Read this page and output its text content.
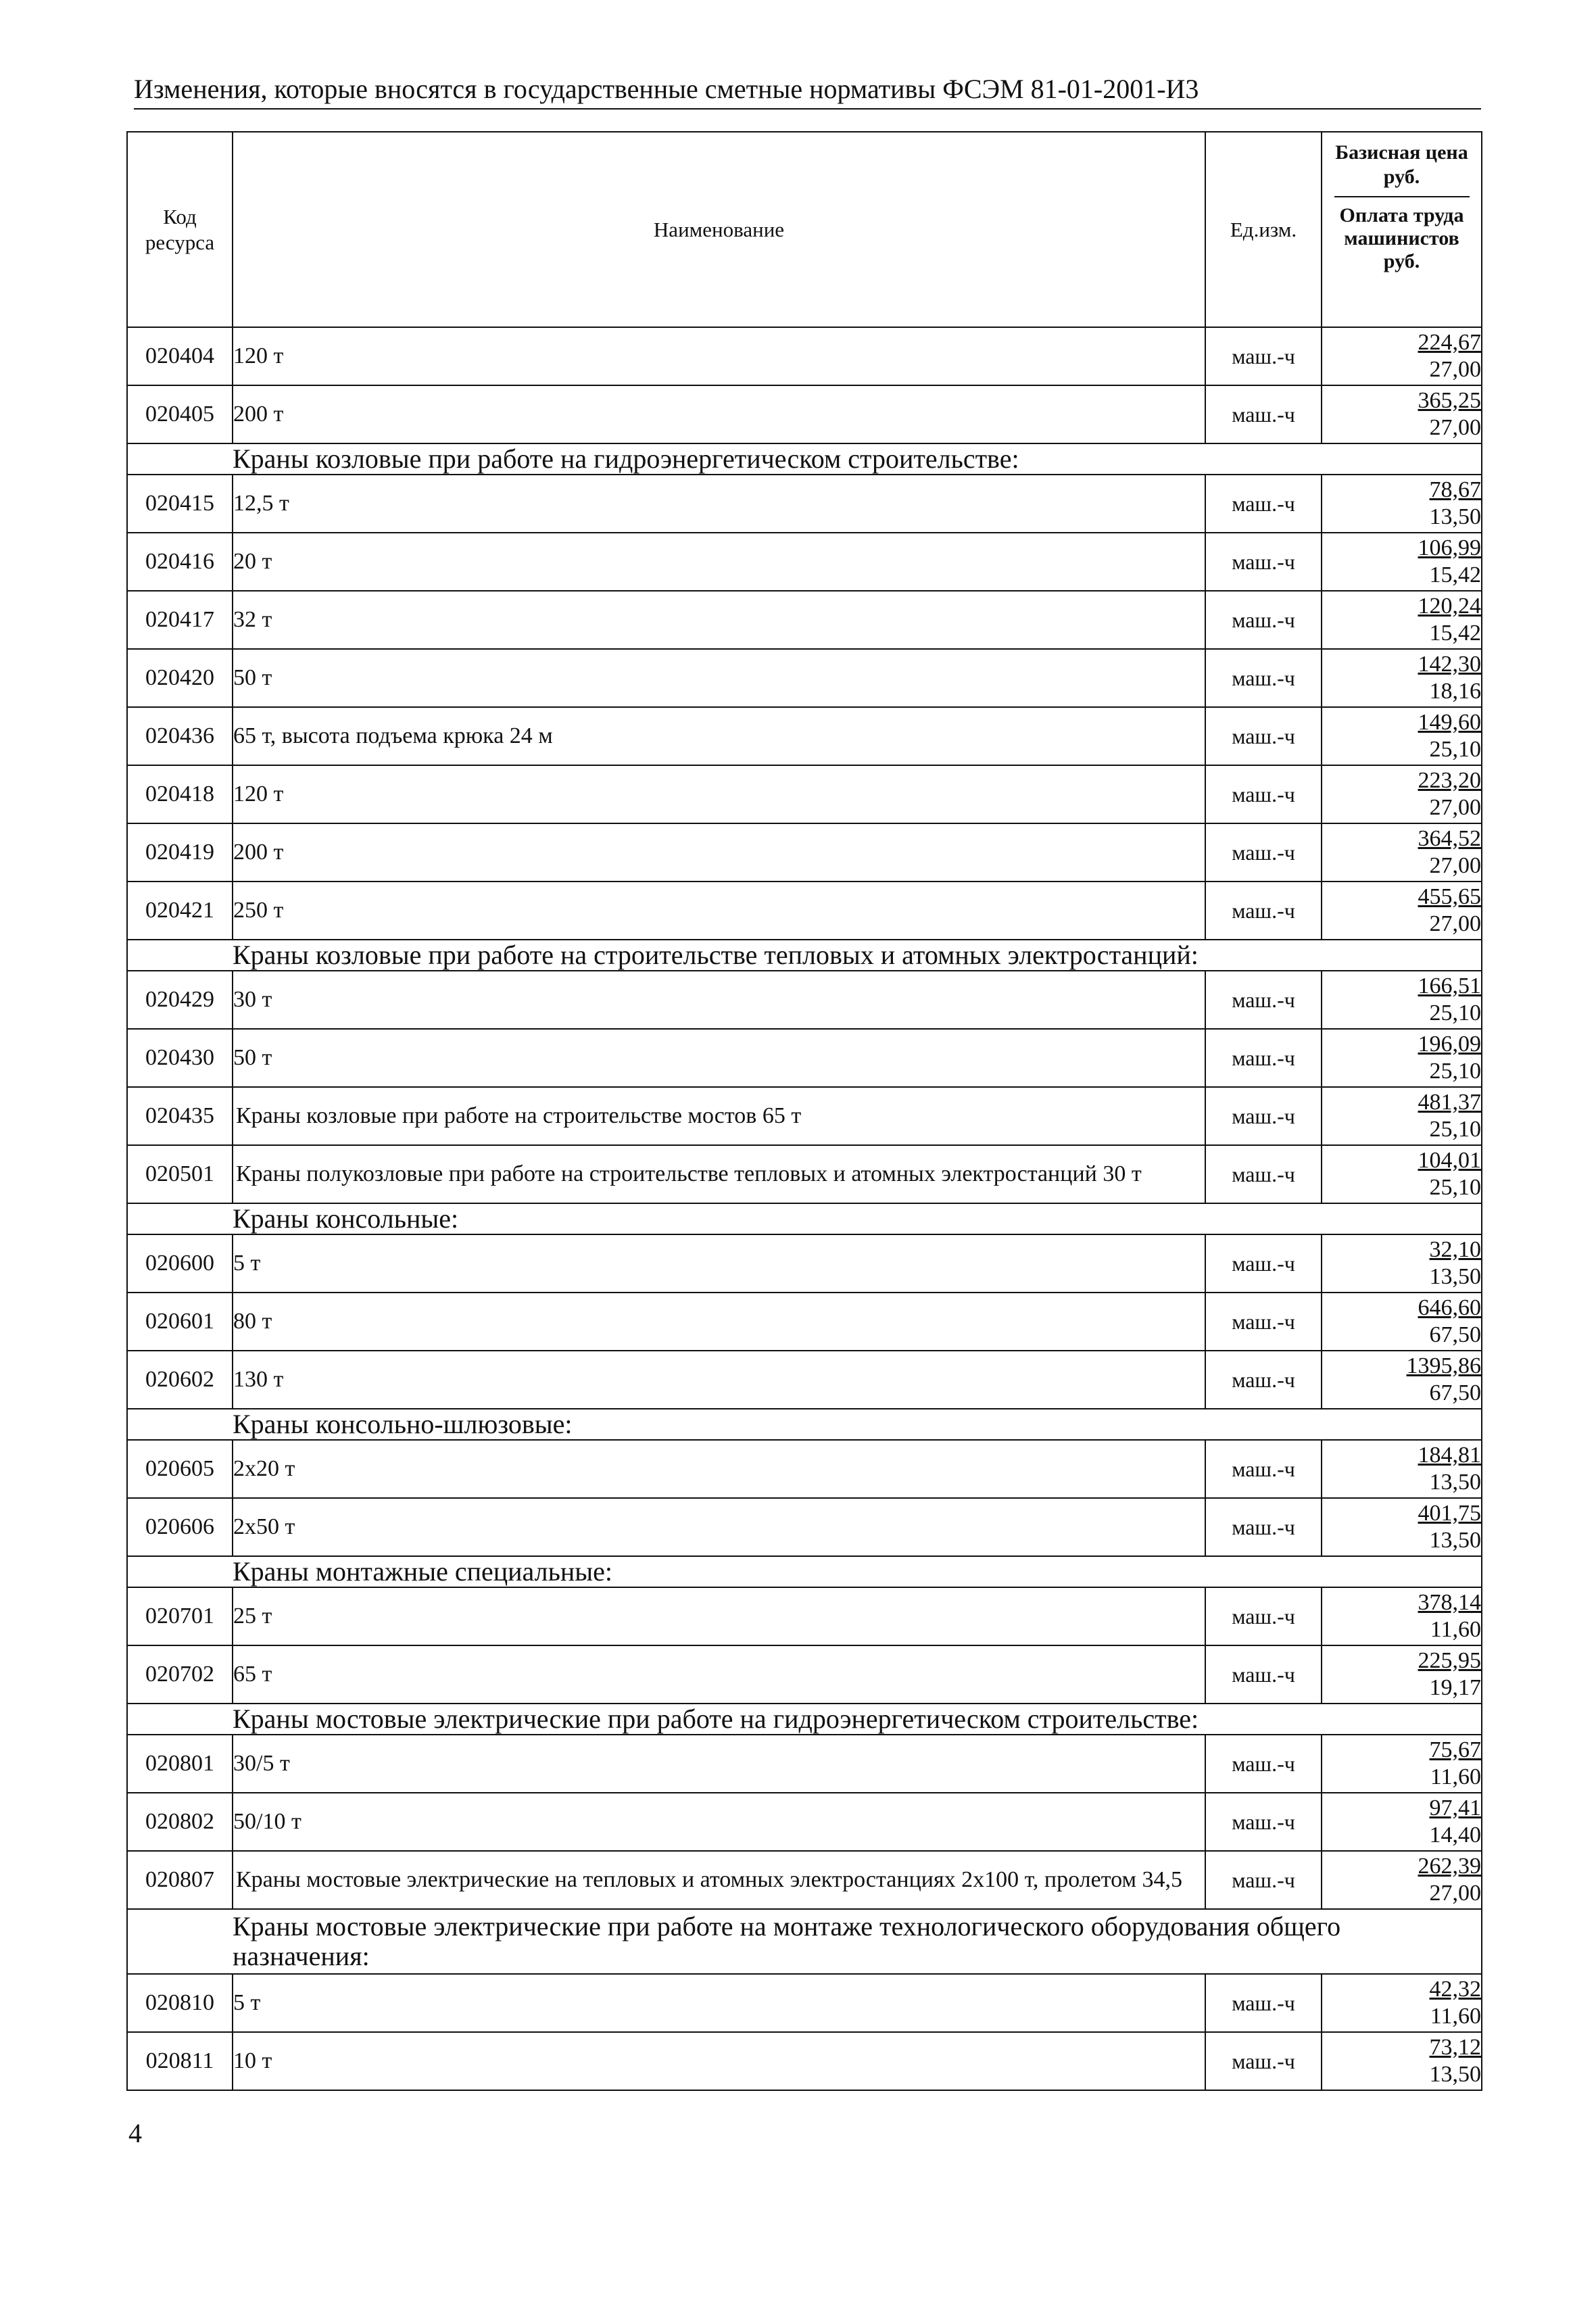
Изменения, которые вносятся в государственные сметные нормативы ФСЭМ 81-01-2001-И3
Код ресурса	Наименование	Ед.изм.	Базисная цена руб.
Оплата труда машинистов руб.

020404	120 т	маш.-ч	224,67
27,00

020405	200 т	маш.-ч	365,25
27,00

	Краны козловые при работе на гидроэнергетическом строительстве:		
020415	12,5 т	маш.-ч	78,67
13,50

020416	20 т	маш.-ч	106,99
15,42

020417	32 т	маш.-ч	120,24
15,42

020420	50 т	маш.-ч	142,30
18,16

020436	65 т, высота подъема крюка 24 м	маш.-ч	149,60
25,10

020418	120 т	маш.-ч	223,20
27,00

020419	200 т	маш.-ч	364,52
27,00

020421	250 т	маш.-ч	455,65
27,00

	Краны козловые при работе на строительстве тепловых и атомных электростанций:		
020429	30 т	маш.-ч	166,51
25,10

020430	50 т	маш.-ч	196,09
25,10

020435	Краны козловые при работе на строительстве мостов 65 т	маш.-ч	481,37
25,10

020501	Краны полукозловые при работе на строительстве тепловых и атомных электростанций 30 т	маш.-ч	104,01
25,10

	Краны консольные:		
020600	5 т	маш.-ч	32,10
13,50

020601	80 т	маш.-ч	646,60
67,50

020602	130 т	маш.-ч	1395,86
67,50

	Краны консольно-шлюзовые:		
020605	2х20 т	маш.-ч	184,81
13,50

020606	2х50 т	маш.-ч	401,75
13,50

	Краны монтажные специальные:		
020701	25 т	маш.-ч	378,14
11,60

020702	65 т	маш.-ч	225,95
19,17

	Краны мостовые электрические при работе на гидроэнергетическом строительстве:		
020801	30/5 т	маш.-ч	75,67
11,60

020802	50/10 т	маш.-ч	97,41
14,40

020807	Краны мостовые электрические на тепловых и атомных электростанциях 2х100 т, пролетом 34,5	маш.-ч	262,39
27,00

	Краны мостовые электрические при работе на монтаже технологического оборудования общего назначения:		
020810	5 т	маш.-ч	42,32
11,60

020811	10 т	маш.-ч	73,12
13,50
4
